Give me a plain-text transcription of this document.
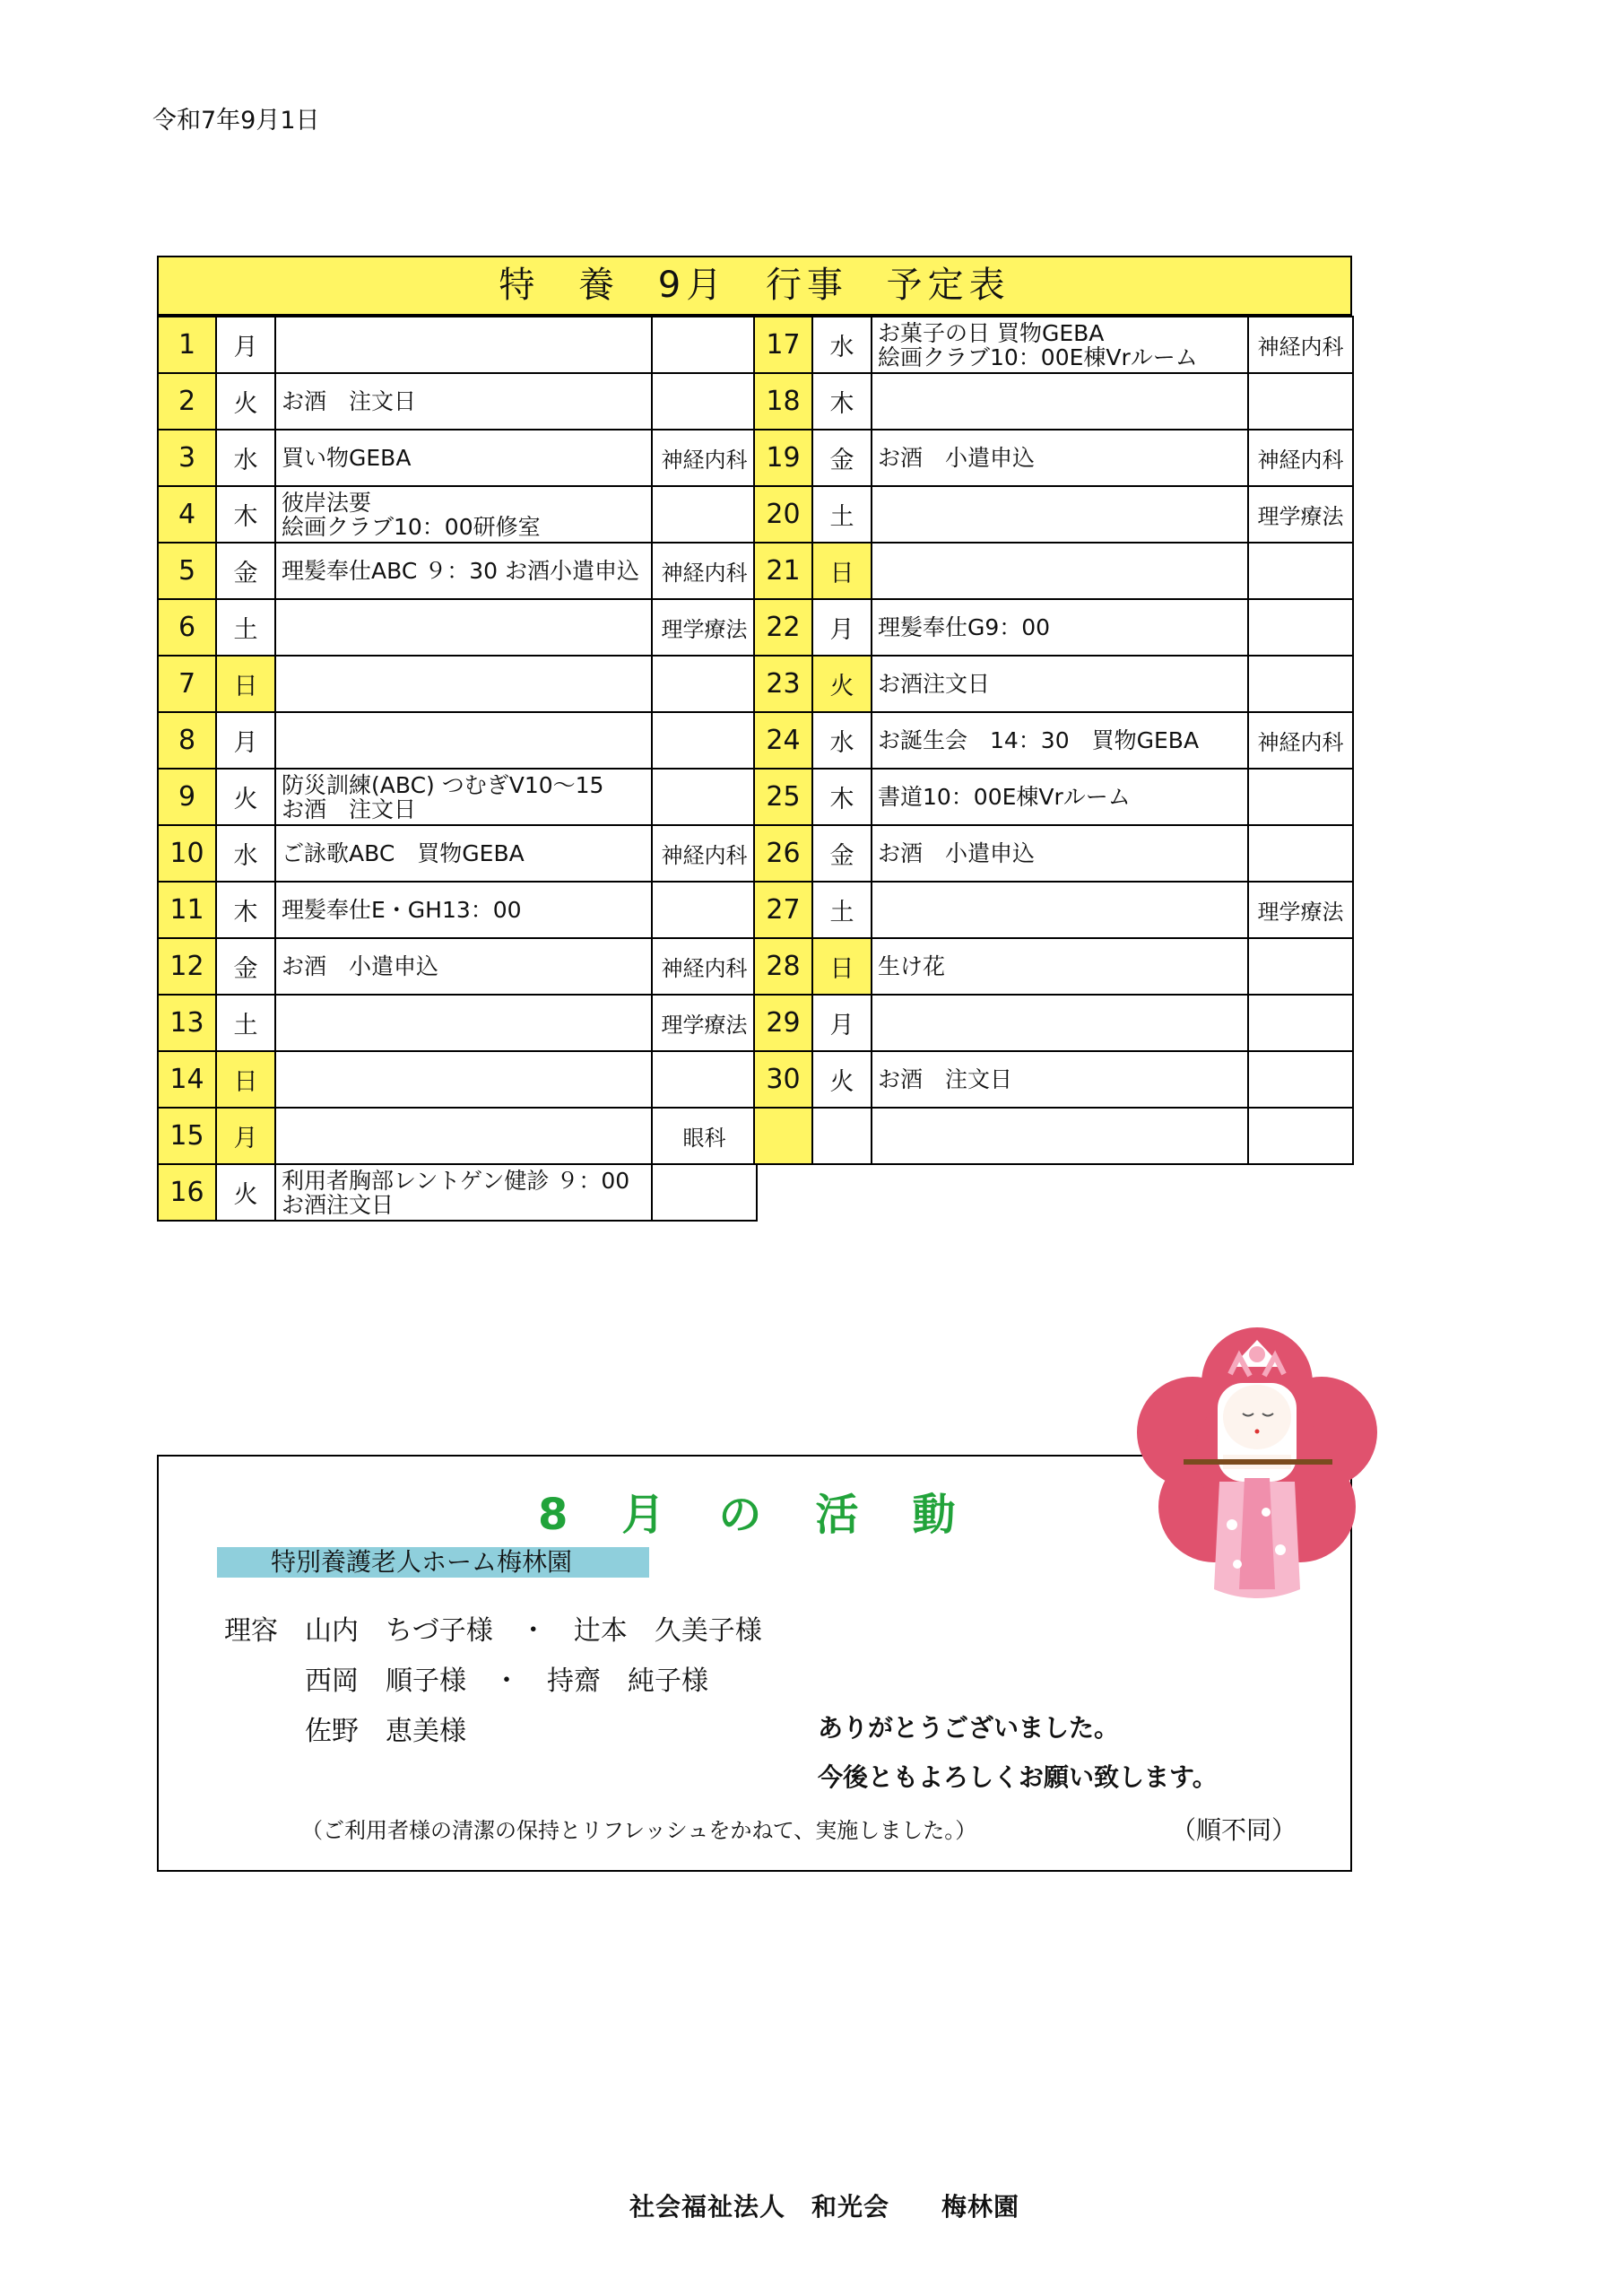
令和7年9月1日
特 養 9月 行事 予定表
1	月	

2	火	お酒　注文日	

3	水	買い物GEBA	神経内科
4	木	彼岸法要
絵画クラブ10：00研修室	

5	金	理髪奉仕ABC ９：30 お酒小遣申込	神経内科
6	土		理学療法
7	日	

8	月	

9	火	防災訓練(ABC) つむぎV10～15
お酒　注文日	

10	水	ご詠歌ABC　買物GEBA	神経内科
11	木	理髪奉仕E・GH13：00	

12	金	お酒　小遣申込	神経内科
13	土		理学療法
14	日	

15	月		眼科
16	火	利用者胸部レントゲン健診 ９：00
お酒注文日	

17	水	お菓子の日 買物GEBA
絵画クラブ10：00E棟Vrルーム	神経内科
18	木	

19	金	お酒　小遣申込	神経内科
20	土		理学療法
21	日	

22	月	理髪奉仕G9：00	

23	火	お酒注文日	

24	水	お誕生会　14：30　買物GEBA	神経内科
25	木	書道10：00E棟Vrルーム	

26	金	お酒　小遣申込	

27	土		理学療法
28	日	生け花	

29	月	

30	火	お酒　注文日	

8 月 の 活 動
特別養護老人ホーム梅林園
理容　山内　ちづ子様　・　辻本　久美子様
西岡　順子様　・　持齋　純子様
佐野　恵美様	ありがとうございました。
今後ともよろしくお願い致します。
（ご利用者様の清潔の保持とリフレッシュをかねて、実施しました。）	（順不同）
社会福祉法人　和光会　　梅林園
